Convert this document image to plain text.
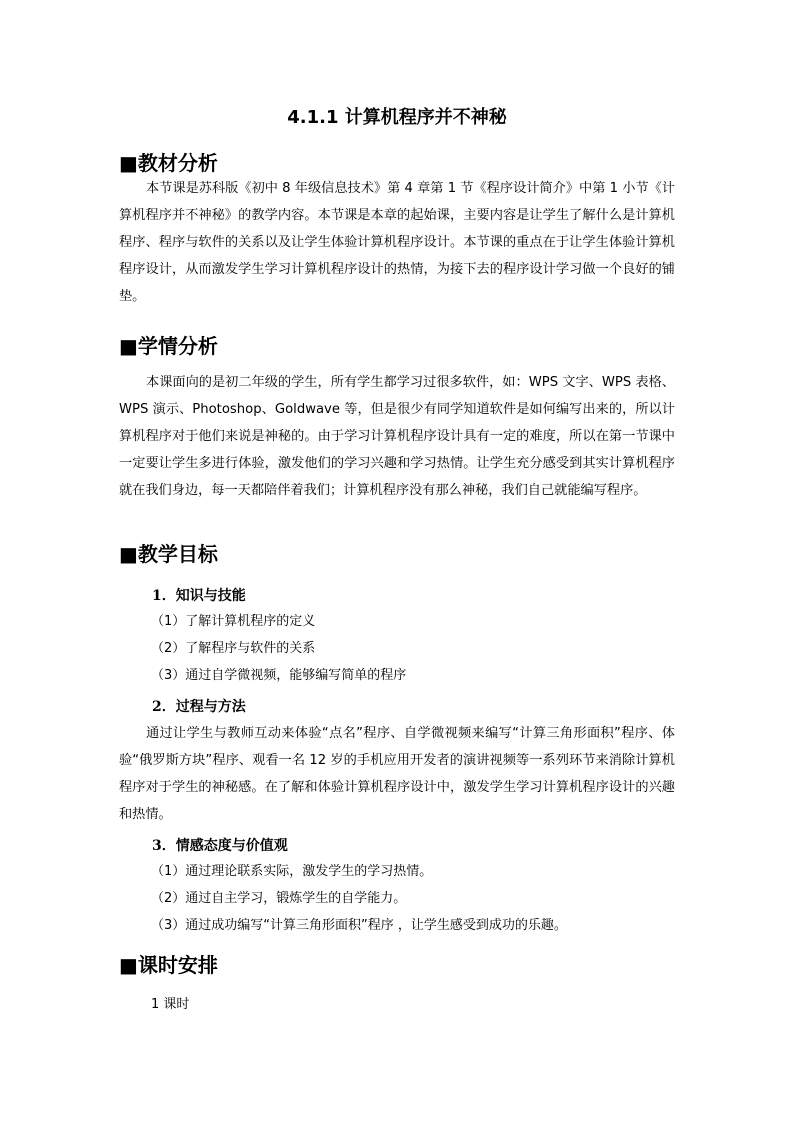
4.1.1 计算机程序并不神秘
■教材分析
本节课是苏科版《初中 8 年级信息技术》第 4 章第 1 节《程序设计简介》中第 1 小节《计算机程序并不神秘》的教学内容。本节课是本章的起始课，主要内容是让学生了解什么是计算机程序、程序与软件的关系以及让学生体验计算机程序设计。本节课的重点在于让学生体验计算机程序设计，从而激发学生学习计算机程序设计的热情，为接下去的程序设计学习做一个良好的铺垫。
■学情分析
本课面向的是初二年级的学生，所有学生都学习过很多软件，如：WPS 文字、WPS 表格、WPS 演示、Photoshop、Goldwave 等，但是很少有同学知道软件是如何编写出来的，所以计算机程序对于他们来说是神秘的。由于学习计算机程序设计具有一定的难度，所以在第一节课中一定要让学生多进行体验，激发他们的学习兴趣和学习热情。让学生充分感受到其实计算机程序就在我们身边，每一天都陪伴着我们；计算机程序没有那么神秘，我们自己就能编写程序。
■教学目标
1．知识与技能
（1）了解计算机程序的定义
（2）了解程序与软件的关系
（3）通过自学微视频，能够编写简单的程序
2．过程与方法
通过让学生与教师互动来体验“点名”程序、自学微视频来编写“计算三角形面积”程序、体验“俄罗斯方块”程序、观看一名 12 岁的手机应用开发者的演讲视频等一系列环节来消除计算机程序对于学生的神秘感。在了解和体验计算机程序设计中，激发学生学习计算机程序设计的兴趣和热情。
3．情感态度与价值观
（1）通过理论联系实际，激发学生的学习热情。
（2）通过自主学习，锻炼学生的自学能力。
（3）通过成功编写“计算三角形面积”程序 ，让学生感受到成功的乐趣。
■课时安排
1 课时
